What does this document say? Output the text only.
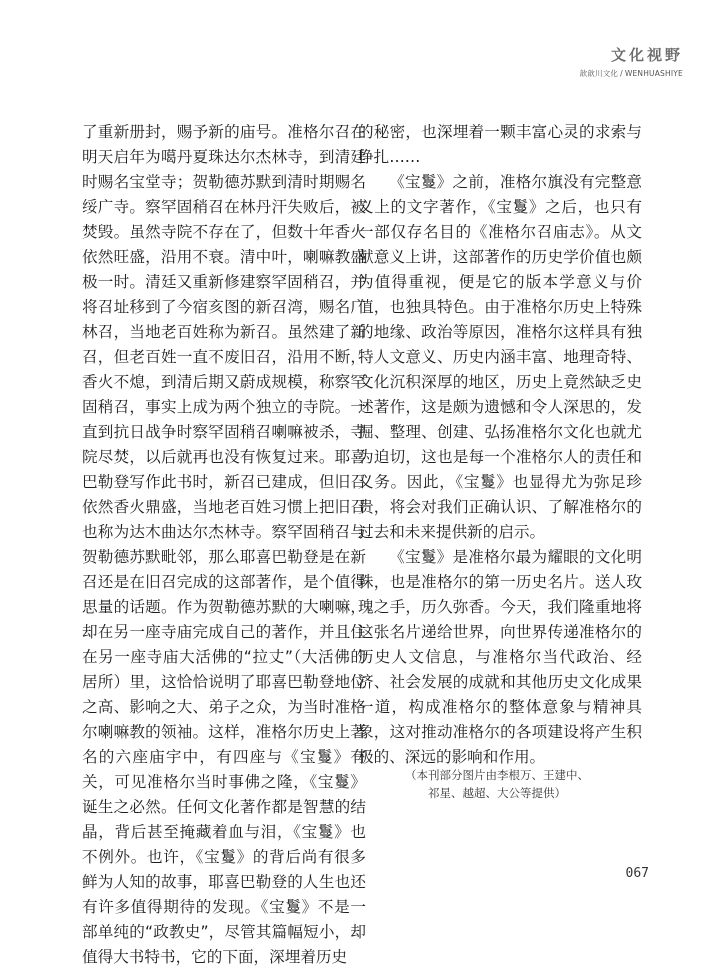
文化视野
歆歆川文化 / WENHUASHIYE

了重新册封，赐予新的庙号。准格尔召在明天启年为噶丹夏珠达尔杰林寺，到清廷时赐名宝堂寺；贺勒德苏默到清时期赐名绥广寺。察罕固稍召在林丹汗失败后，被焚毁。虽然寺院不存在了，但数十年香火依然旺盛，沿用不衰。清中叶，喇嘛教盛极一时。清廷又重新修建察罕固稍召，并将召址移到了今宿亥图的新召湾，赐名广林召，当地老百姓称为新召。虽然建了新召，但老百姓一直不废旧召，沿用不断，香火不熄，到清后期又蔚成规模，称察罕固稍召，事实上成为两个独立的寺院。一直到抗日战争时察罕固稍召喇嘛被杀，寺院尽焚，以后就再也没有恢复过来。耶喜巴勒登写作此书时，新召已建成，但旧召依然香火鼎盛，当地老百姓习惯上把旧召也称为达木曲达尔杰林寺。察罕固稍召与贺勒德苏默毗邻，那么耶喜巴勒登是在新召还是在旧召完成的这部著作，是个值得思量的话题。作为贺勒德苏默的大喇嘛，却在另一座寺庙完成自己的著作，并且住在另一座寺庙大活佛的“拉丈”（大活佛的居所）里，这恰恰说明了耶喜巴勒登地位之高、影响之大、弟子之众，为当时准格尔喇嘛教的领袖。这样，准格尔历史上著名的六座庙宇中，有四座与《宝鬘》有关，可见准格尔当时事佛之隆，《宝鬘》诞生之必然。任何文化著作都是智慧的结晶，背后甚至掩藏着血与泪，《宝鬘》也不例外。也许，《宝鬘》的背后尚有很多鲜为人知的故事，耶喜巴勒登的人生也还有许多值得期待的发现。《宝鬘》不是一部单纯的“政教史”，尽管其篇幅短小，却值得大书特书，它的下面，深埋着历史

的秘密，也深埋着一颗丰富心灵的求索与挣扎……

《宝鬘》之前，准格尔旗没有完整意义上的文字著作，《宝鬘》之后，也只有一部仅存名目的《准格尔召庙志》。从文献意义上讲，这部著作的历史学价值也颇为值得重视，便是它的版本学意义与价值，也独具特色。由于准格尔历史上特殊的地缘、政治等原因，准格尔这样具有独特人文意义、历史内涵丰富、地理奇特、文化沉积深厚的地区，历史上竟然缺乏史述著作，这是颇为遗憾和令人深思的，发掘、整理、创建、弘扬准格尔文化也就尤为迫切，这也是每一个准格尔人的责任和义务。因此，《宝鬘》也显得尤为弥足珍贵，将会对我们正确认识、了解准格尔的过去和未来提供新的启示。

《宝鬘》是准格尔最为耀眼的文化明珠，也是准格尔的第一历史名片。送人玫瑰之手，历久弥香。今天，我们隆重地将这张名片递给世界，向世界传递准格尔的历史人文信息，与准格尔当代政治、经济、社会发展的成就和其他历史文化成果一道，构成准格尔的整体意象与精神具象，这对推动准格尔的各项建设将产生积极的、深远的影响和作用。

（本刊部分图片由李根万、王建中、
祁星、越超、大公等提供）
067
